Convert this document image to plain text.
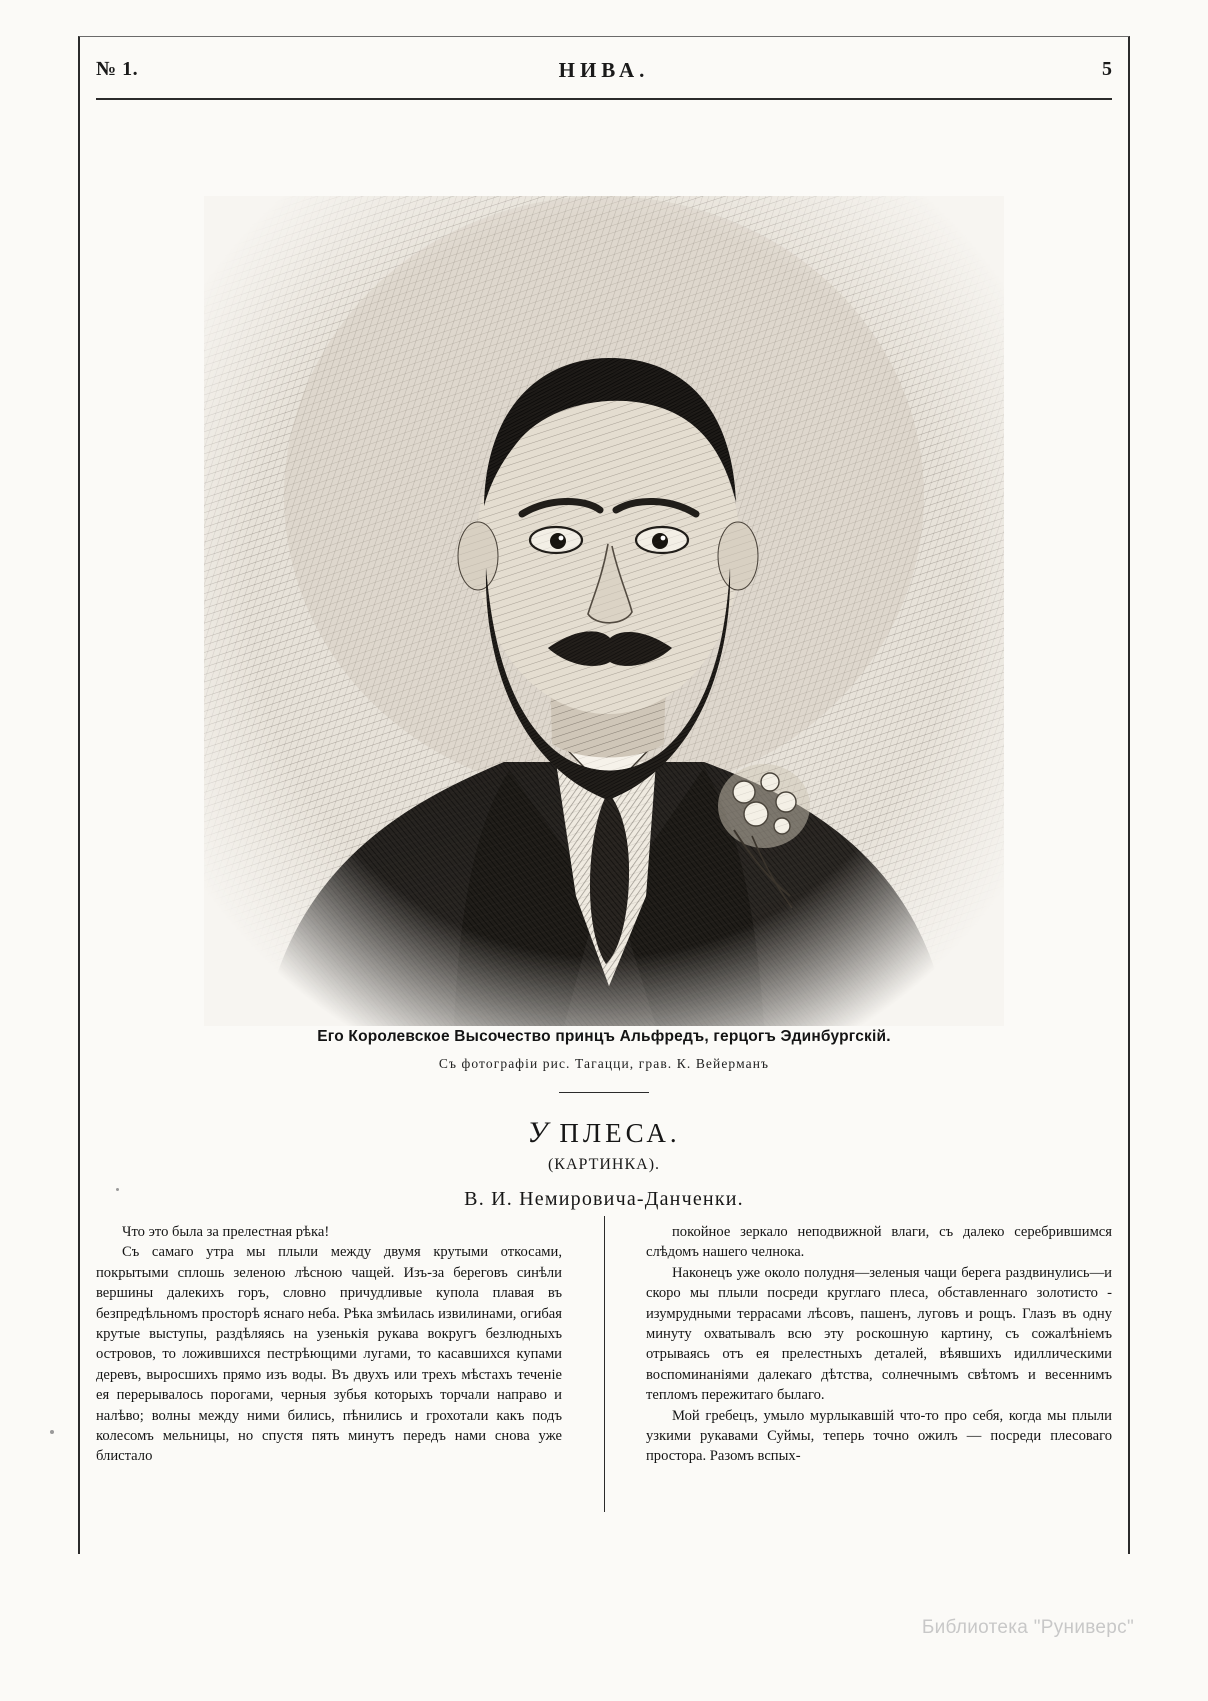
№ 1.	НИВА.	5
Его Королевское Высочество принцъ Альфредъ, герцогъ Эдинбургскій.
Съ фотографіи рис. Тагацци, грав. К. Вейерманъ
У ПЛЕСА.
(КАРТИНКА).
В. И. Немировича-Данченки.

Что это была за прелестная рѣка!

Съ самаго утра мы плыли между двумя крутыми откосами, покрытыми сплошь зеленою лѣсною чащей. Изъ-за береговъ синѣли вершины далекихъ горъ, словно причудливые купола плавая въ безпредѣльномъ просторѣ яснаго неба. Рѣка змѣилась извилинами, огибая крутые выступы, раздѣляясь на узенькія рукава вокругъ безлюдныхъ островов, то ложившихся пестрѣющими лугами, то касавшихся купами деревъ, выросшихъ прямо изъ воды. Въ двухъ или трехъ мѣстахъ теченіе ея перерывалось порогами, черныя зубья которыхъ торчали направо и налѣво; волны между ними бились, пѣнились и грохотали какъ подъ колесомъ мельницы, но спустя пять минутъ передъ нами снова уже блистало

покойное зеркало неподвижной влаги, съ далеко серебрившимся слѣдомъ нашего челнока.

Наконецъ уже около полудня—зеленыя чащи берега раздвинулись—и скоро мы плыли посреди круглаго плеса, обставленнаго золотисто - изумрудными террасами лѣсовъ, пашенъ, луговъ и рощъ. Глазъ въ одну минуту охватывалъ всю эту роскошную картину, съ сожалѣніемъ отрываясь отъ ея прелестныхъ деталей, вѣявшихъ идиллическими воспоминаніями далекаго дѣтства, солнечнымъ свѣтомъ и весеннимъ тепломъ пережитаго былаго.

Мой гребецъ, умыло мурлыкавшій что-то про себя, когда мы плыли узкими рукавами Суймы, теперь точно ожилъ — посреди плесоваго простора. Разомъ вспых-

Библиотека "Руниверс"
